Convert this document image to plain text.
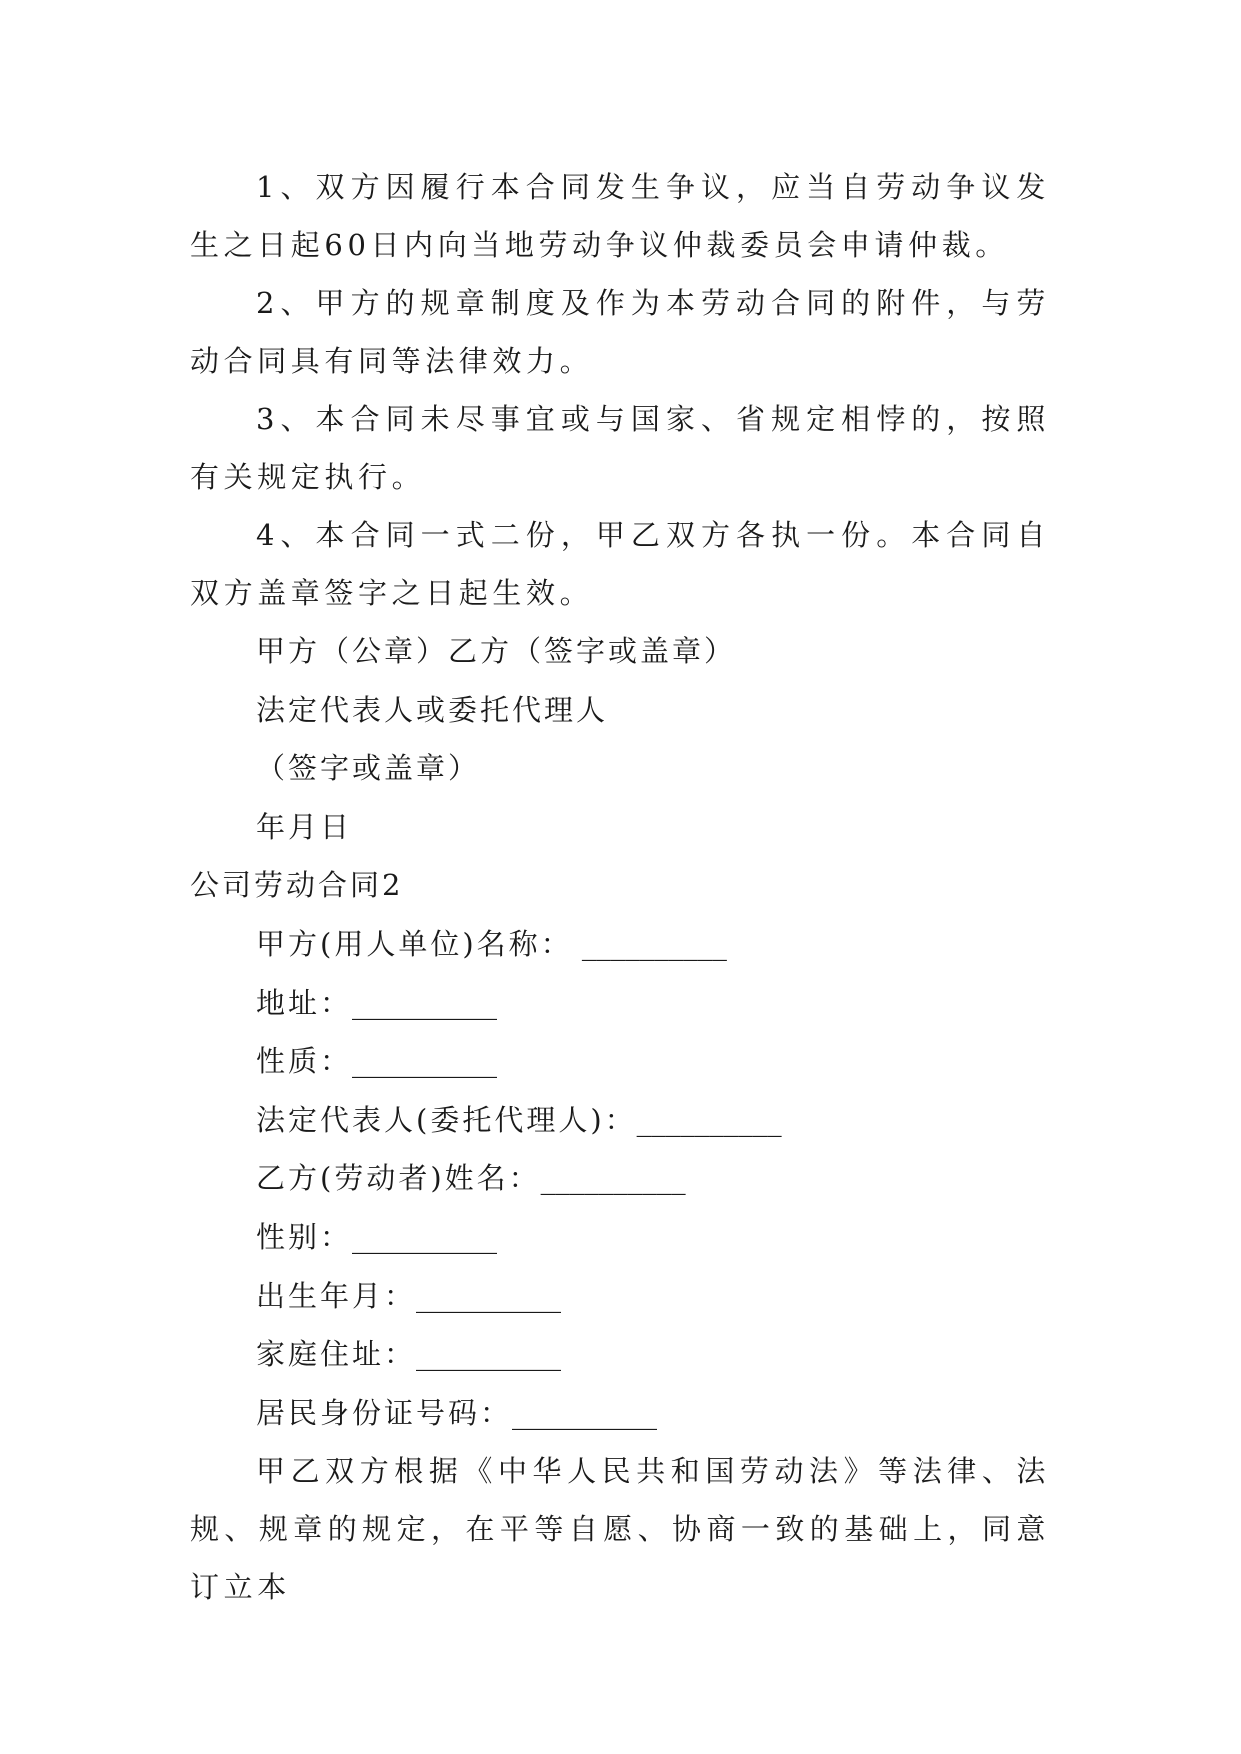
1、双方因履行本合同发生争议，应当自劳动争议发生之日起60日内向当地劳动争议仲裁委员会申请仲裁。

2、甲方的规章制度及作为本劳动合同的附件，与劳动合同具有同等法律效力。

3、本合同未尽事宜或与国家、省规定相悖的，按照有关规定执行。

4、本合同一式二份，甲乙双方各执一份。本合同自双方盖章签字之日起生效。

甲方（公章）乙方（签字或盖章）

法定代表人或委托代理人

（签字或盖章）

年月日

公司劳动合同2

甲方(用人单位)名称： __________

地址：__________

性质：__________

法定代表人(委托代理人)：__________

乙方(劳动者)姓名：__________

性别：__________

出生年月：__________

家庭住址：__________

居民身份证号码：__________

甲乙双方根据《中华人民共和国劳动法》等法律、法规、规章的规定，在平等自愿、协商一致的基础上，同意订立本
